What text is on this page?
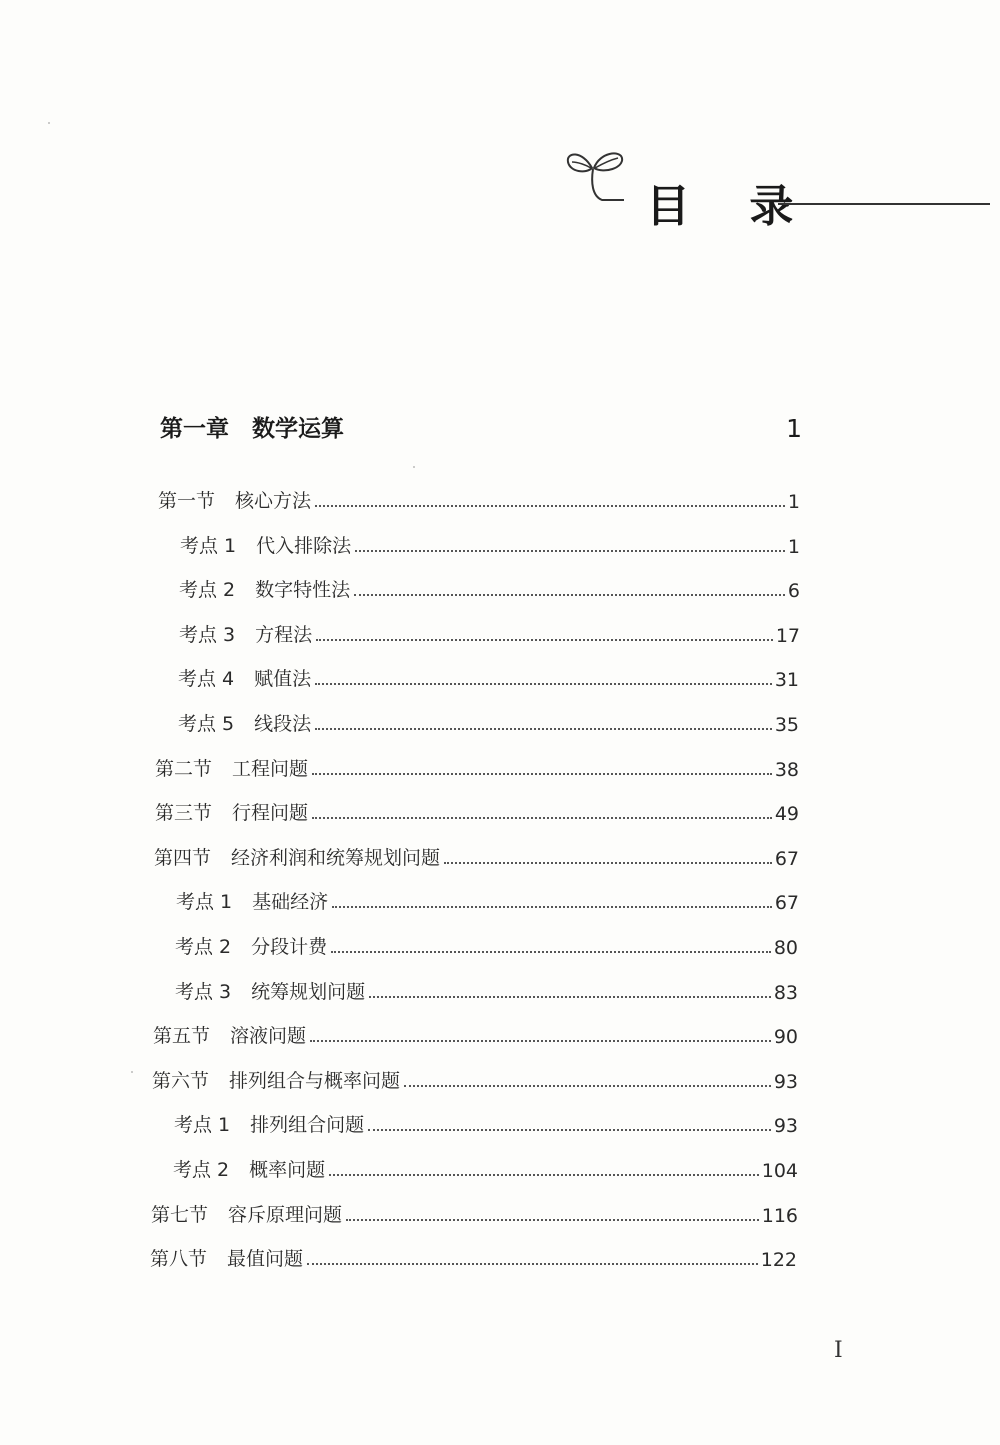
目 录
第一章　数学运算	1
第一节 核心方法	1
考点 1 代入排除法	1
考点 2 数字特性法	6
考点 3 方程法	17
考点 4 赋值法	31
考点 5 线段法	35
第二节 工程问题	38
第三节 行程问题	49
第四节 经济利润和统筹规划问题	67
考点 1 基础经济	67
考点 2 分段计费	80
考点 3 统筹规划问题	83
第五节 溶液问题	90
第六节 排列组合与概率问题	93
考点 1 排列组合问题	93
考点 2 概率问题	104
第七节 容斥原理问题	116
第八节 最值问题	122
I
